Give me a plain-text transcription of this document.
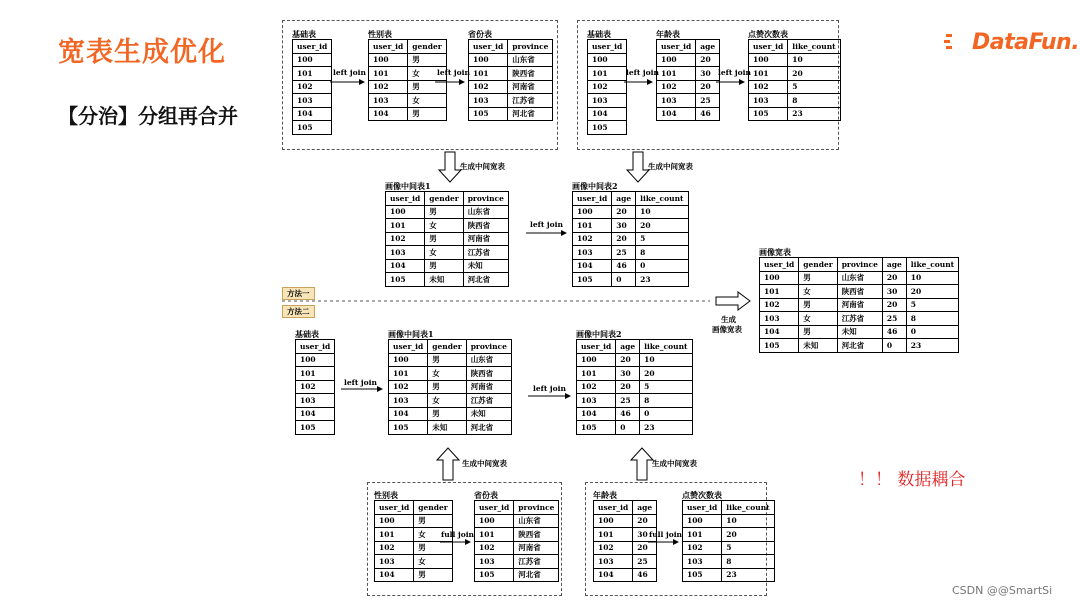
宽表生成优化
【分治】分组再合并
DataFun.
基础表
user_id
100
101
102
103
104
105
性别表
user_id	gender
100	男
101	女
102	男
103	女
104	男
省份表
user_id	province
100	山东省
101	陕西省
102	河南省
103	江苏省
105	河北省
基础表
user_id
100
101
102
103
104
105
年龄表
user_id	age
100	20
101	30
102	20
103	25
104	46
点赞次数表
user_id	like_count
100	10
101	20
102	5
103	8
105	23
画像中间表1
user_id	gender	province
100	男	山东省
101	女	陕西省
102	男	河南省
103	女	江苏省
104	男	未知
105	未知	河北省
画像中间表2
user_id	age	like_count
100	20	10
101	30	20
102	20	5
103	25	8
104	46	0
105	0	23
画像宽表
user_id	gender	province	age	like_count
100	男	山东省	20	10
101	女	陕西省	30	20
102	男	河南省	20	5
103	女	江苏省	25	8
104	男	未知	46	0
105	未知	河北省	0	23
基础表
user_id
100
101
102
103
104
105
画像中间表1
user_id	gender	province
100	男	山东省
101	女	陕西省
102	男	河南省
103	女	江苏省
104	男	未知
105	未知	河北省
画像中间表2
user_id	age	like_count
100	20	10
101	30	20
102	20	5
103	25	8
104	46	0
105	0	23
性别表
user_id	gender
100	男
101	女
102	男
103	女
104	男
省份表
user_id	province
100	山东省
101	陕西省
102	河南省
103	江苏省
105	河北省
年龄表
user_id	age
100	20
101	30
102	20
103	25
104	46
点赞次数表
user_id	like_count
100	10
101	20
102	5
103	8
105	23
left join	left join	left join	left join
生成中间宽表	生成中间宽表
left join
生成
画像宽表
left join
left join
生成中间宽表	生成中间宽表
full join	full join
方法一
方法二
！！ 数据耦合
CSDN @@SmartSi
